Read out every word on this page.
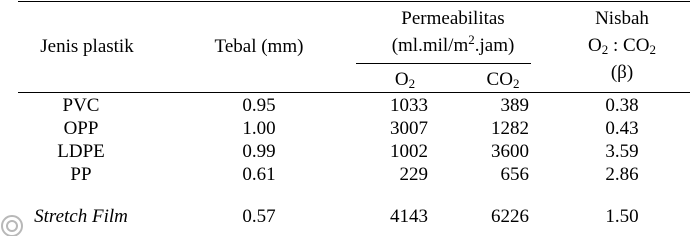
Jenis plastik	Tebal (mm)
Permeabilitas
$(ml.mil/m^2.jam)$
$O_2$	$CO_2$
Nisbah
$O_2$ : $CO_2$
(β)
PVC	0.95	1033	389	0.38
OPP	1.00	3007	1282	0.43
LDPE	0.99	1002	3600	3.59
PP	0.61	229	656	2.86
Stretch Film	0.57	4143	6226	1.50
